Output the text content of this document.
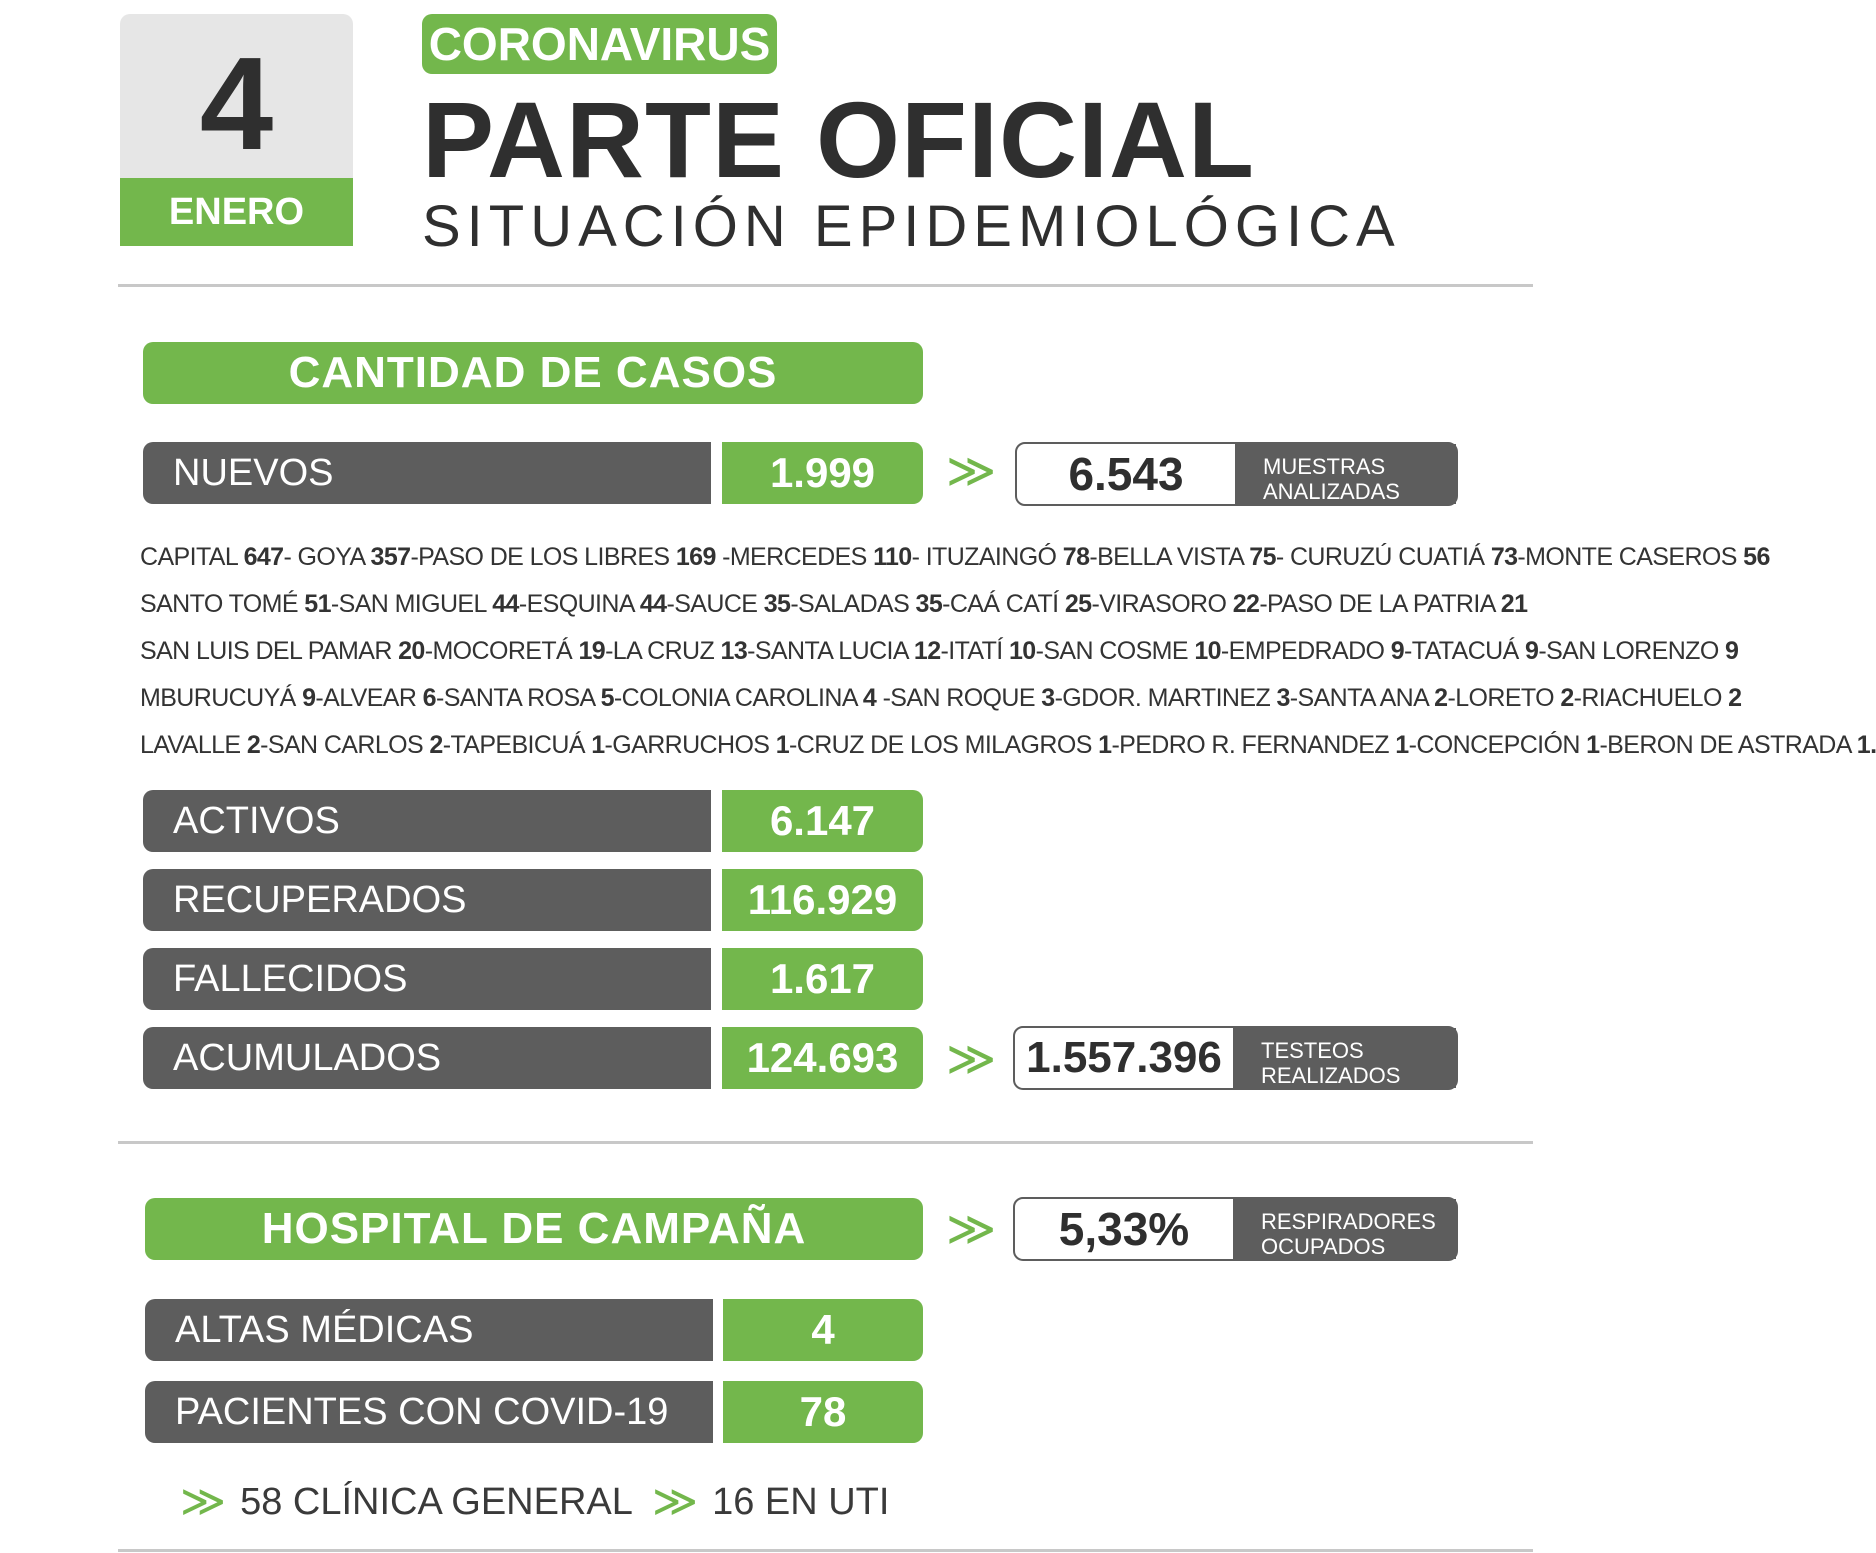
4
ENERO
CORONAVIRUS
PARTE OFICIAL
SITUACIÓN EPIDEMIOLÓGICA
CANTIDAD DE CASOS
NUEVOS	1.999	≫	6.543	MUESTRAS
ANALIZADAS
CAPITAL 647- GOYA 357-PASO DE LOS LIBRES 169 -MERCEDES 110- ITUZAINGÓ 78-BELLA VISTA 75- CURUZÚ CUATIÁ 73-MONTE CASEROS 56
SANTO TOMÉ 51-SAN MIGUEL 44-ESQUINA 44-SAUCE 35-SALADAS 35-CAÁ CATÍ 25-VIRASORO 22-PASO DE LA PATRIA 21
SAN LUIS DEL PAMAR 20-MOCORETÁ 19-LA CRUZ 13-SANTA LUCIA 12-ITATÍ 10-SAN COSME 10-EMPEDRADO 9-TATACUÁ 9-SAN LORENZO 9
MBURUCUYÁ 9-ALVEAR 6-SANTA ROSA 5-COLONIA CAROLINA 4 -SAN ROQUE 3-GDOR. MARTINEZ 3-SANTA ANA 2-LORETO 2-RIACHUELO 2
LAVALLE 2-SAN CARLOS 2-TAPEBICUÁ 1-GARRUCHOS 1-CRUZ DE LOS MILAGROS 1-PEDRO R. FERNANDEZ 1-CONCEPCIÓN 1-BERON DE ASTRADA 1.
ACTIVOS	6.147
RECUPERADOS	116.929
FALLECIDOS	1.617
ACUMULADOS	124.693 ≫ 1.557.396	TESTEOS
REALIZADOS
HOSPITAL DE CAMPAÑA	≫	5,33%	RESPIRADORES
OCUPADOS
ALTAS MÉDICAS	4
PACIENTES CON COVID-19	78
≫ 58 CLÍNICA GENERAL ≫ 16 EN UTI
